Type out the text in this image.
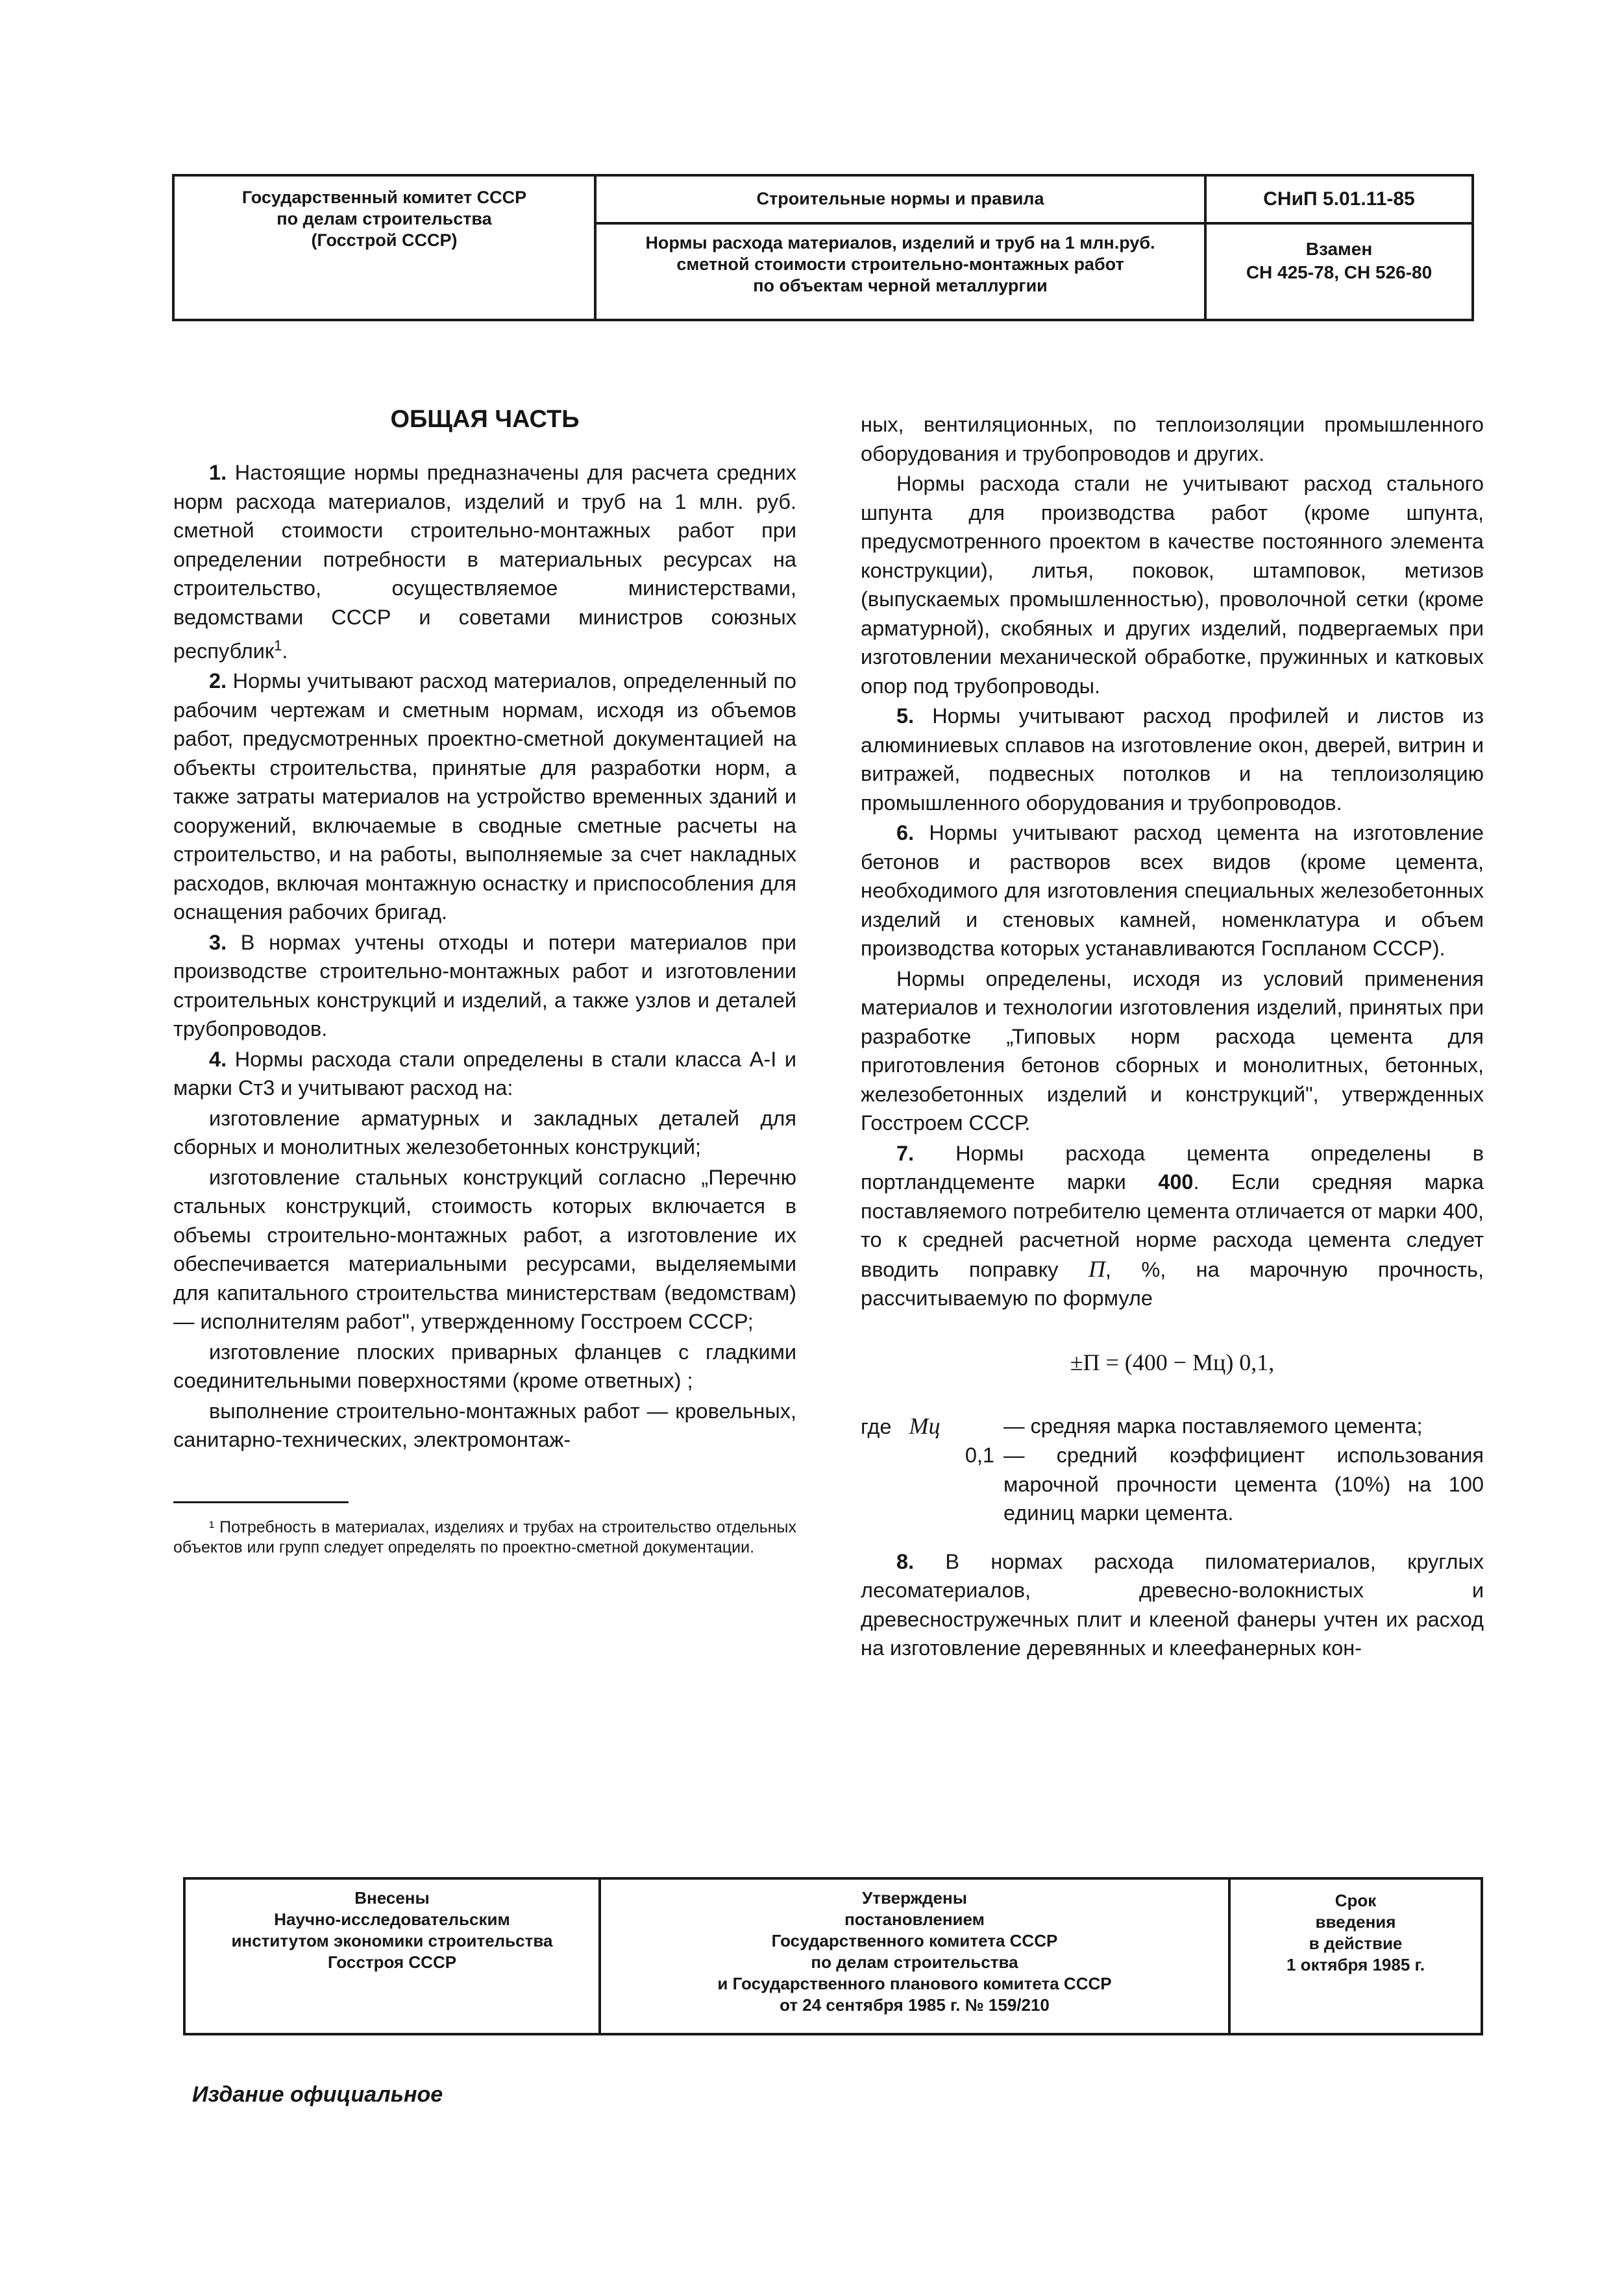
Государственный комитет СССР
по делам строительства
(Госстрой СССР)
Строительные нормы и правила
Нормы расхода материалов, изделий и труб на 1 млн.руб.
сметной стоимости строительно-монтажных работ
по объектам черной металлургии
СНиП 5.01.11-85
Взамен
СН 425-78, СН 526-80
ОБЩАЯ ЧАСТЬ

1. Настоящие нормы предназначены для расчета средних норм расхода материалов, изделий и труб на 1 млн. руб. сметной стоимости строительно-монтажных работ при определении потребности в материальных ресурсах на строительство, осуществляемое министерствами, ведомствами СССР и советами министров союзных республик$^1$.

2. Нормы учитывают расход материалов, определенный по рабочим чертежам и сметным нормам, исходя из объемов работ, предусмотренных проектно-сметной документацией на объекты строительства, принятые для разработки норм, а также затраты материалов на устройство временных зданий и сооружений, включаемые в сводные сметные расчеты на строительство, и на работы, выполняемые за счет накладных расходов, включая монтажную оснастку и приспособления для оснащения рабочих бригад.

3. В нормах учтены отходы и потери материалов при производстве строительно-монтажных работ и изготовлении строительных конструкций и изделий, а также узлов и деталей трубопроводов.

4. Нормы расхода стали определены в стали класса А-I и марки Ст3 и учитывают расход на:

изготовление арматурных и закладных деталей для сборных и монолитных железобетонных конструкций;

изготовление стальных конструкций согласно „Перечню стальных конструкций, стоимость которых включается в объемы строительно-монтажных работ, а изготовление их обеспечивается материальными ресурсами, выделяемыми для капитального строительства министерствам (ведомствам) — исполнителям работ", утвержденному Госстроем СССР;

изготовление плоских приварных фланцев с гладкими соединительными поверхностями (кроме ответных) ;

выполнение строительно-монтажных работ — кровельных, санитарно-технических, электромонтаж-

¹ Потребность в материалах, изделиях и трубах на строительство отдельных объектов или групп следует определять по проектно-сметной документации.

ных, вентиляционных, по теплоизоляции промышленного оборудования и трубопроводов и других.

Нормы расхода стали не учитывают расход стального шпунта для производства работ (кроме шпунта, предусмотренного проектом в качестве постоянного элемента конструкции), литья, поковок, штамповок, метизов (выпускаемых промышленностью), проволочной сетки (кроме арматурной), скобяных и других изделий, подвергаемых при изготовлении механической обработке, пружинных и катковых опор под трубопроводы.

5. Нормы учитывают расход профилей и листов из алюминиевых сплавов на изготовление окон, дверей, витрин и витражей, подвесных потолков и на теплоизоляцию промышленного оборудования и трубопроводов.

6. Нормы учитывают расход цемента на изготовление бетонов и растворов всех видов (кроме цемента, необходимого для изготовления специальных железобетонных изделий и стеновых камней, номенклатура и объем производства которых устанавливаются Госпланом СССР).

Нормы определены, исходя из условий применения материалов и технологии изготовления изделий, принятых при разработке „Типовых норм расхода цемента для приготовления бетонов сборных и монолитных, бетонных, железобетонных изделий и конструкций", утвержденных Госстроем СССР.

7. Нормы расхода цемента определены в портландцементе марки 400. Если средняя марка поставляемого потребителю цемента отличается от марки 400, то к средней расчетной норме расхода цемента следует вводить поправку П, %, на марочную прочность, рассчитываемую по формуле

±П = (400 − Mц) 0,1,
где Mц	— средняя марка поставляемого цемента;
0,1 — средний коэффициент использования марочной прочности цемента (10%) на 100 единиц марки цемента.

8. В нормах расхода пиломатериалов, круглых лесоматериалов, древесно-волокнистых и древесностружечных плит и клееной фанеры учтен их расход на изготовление деревянных и клеефанерных кон-

Внесены
Научно-исследовательским
институтом экономики строительства
Госстроя СССР
Утверждены
постановлением
Государственного комитета СССР
по делам строительства
и Государственного планового комитета СССР
от 24 сентября 1985 г. № 159/210
Срок
введения
в действие
1 октября 1985 г.
Издание официальное
